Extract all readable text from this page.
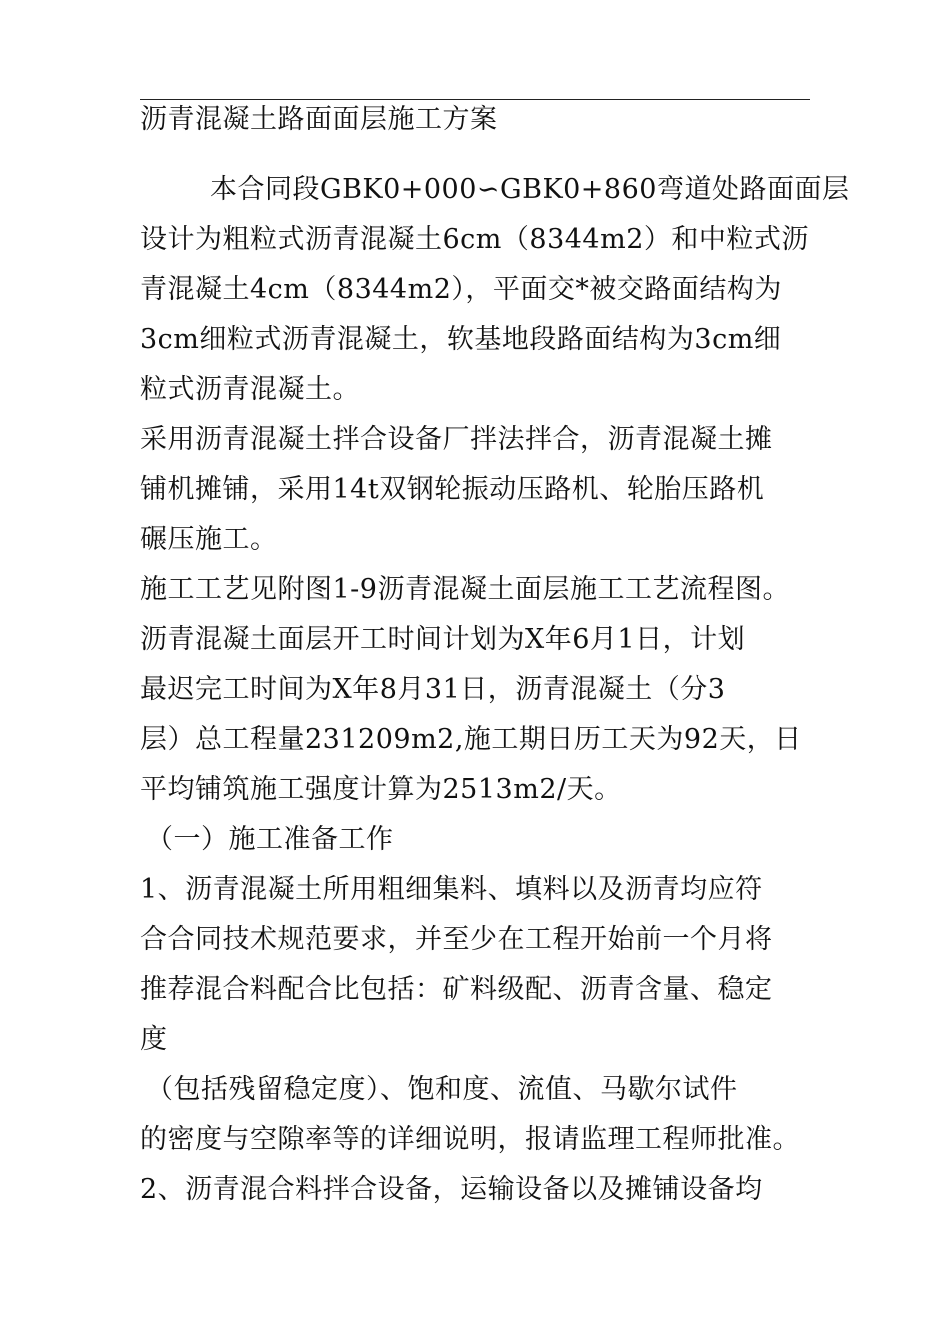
沥青混凝土路面面层施工方案
本合同段GBK0+000∽GBK0+860弯道处路面面层
设计为粗粒式沥青混凝土6cm（8344m2）和中粒式沥
青混凝土4cm（8344m2），平面交*被交路面结构为
3cm细粒式沥青混凝土，软基地段路面结构为3cm细
粒式沥青混凝土。
采用沥青混凝土拌合设备厂拌法拌合，沥青混凝土摊
铺机摊铺，采用14t双钢轮振动压路机、轮胎压路机
碾压施工。
施工工艺见附图1-9沥青混凝土面层施工工艺流程图。
沥青混凝土面层开工时间计划为X年6月1日，计划
最迟完工时间为X年8月31日，沥青混凝土（分3
层）总工程量231209m2,施工期日历工天为92天，日
平均铺筑施工强度计算为2513m2/天。
（一）施工准备工作
1、沥青混凝土所用粗细集料、填料以及沥青均应符
合合同技术规范要求，并至少在工程开始前一个月将
推荐混合料配合比包括：矿料级配、沥青含量、稳定
度
（包括残留稳定度）、饱和度、流值、马歇尔试件
的密度与空隙率等的详细说明，报请监理工程师批准。
2、沥青混合料拌合设备，运输设备以及摊铺设备均
